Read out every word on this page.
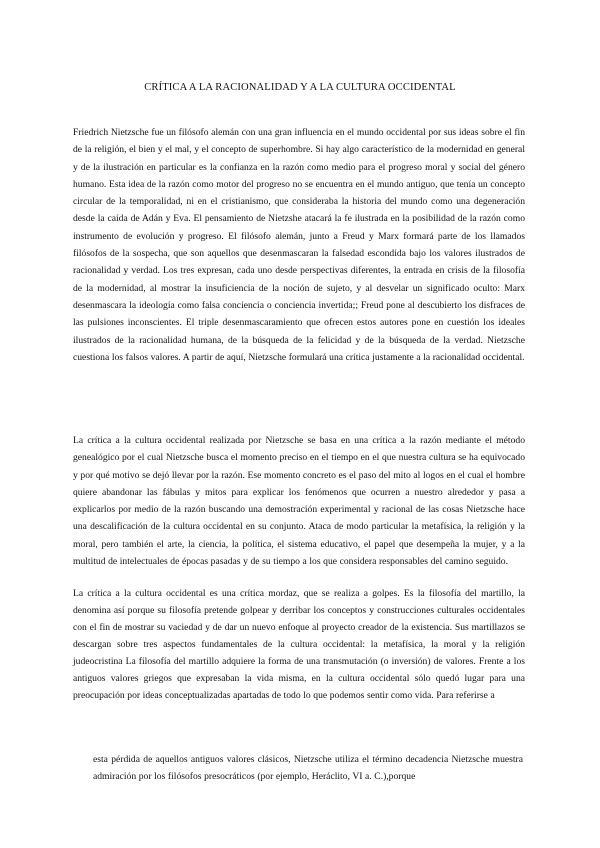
CRÍTICA A LA RACIONALIDAD Y A LA CULTURA OCCIDENTAL

Friedrich Nietzsche fue un filósofo alemán con una gran influencia en el mundo occidental por sus ideas sobre el fin de la religión, el bien y el mal, y el concepto de superhombre. Si hay algo característico de la modernidad en general y de la ilustración en particular es la confianza en la razón como medio para el progreso moral y social del género humano. Esta idea de la razón como motor del progreso no se encuentra en el mundo antiguo, que tenía un concepto circular de la temporalidad, ni en el cristianismo, que consideraba la historia del mundo como una degeneración desde la caída de Adán y Eva. El pensamiento de Nietzshe atacará la fe ilustrada en la posibilidad de la razón como instrumento de evolución y progreso. El filósofo alemán, junto a Freud y Marx formará parte de los llamados filósofos de la sospecha, que son aquellos que desenmascaran la falsedad escondida bajo los valores ilustrados de racionalidad y verdad. Los tres expresan, cada uno desde perspectivas diferentes, la entrada en crisis de la filosofía de la modernidad, al mostrar la insuficiencia de la noción de sujeto, y al desvelar un significado oculto: Marx desenmascara la ideología como falsa conciencia o conciencia invertida;; Freud pone al descubierto los disfraces de las pulsiones inconscientes. El triple desenmascaramiento que ofrecen estos autores pone en cuestión los ideales ilustrados de la racionalidad humana, de la búsqueda de la felicidad y de la búsqueda de la verdad. Nietzsche cuestiona los falsos valores. A partir de aquí, Nietzsche formulará una crítica justamente a la racionalidad occidental.

La crítica a la cultura occidental realizada por Nietzsche se basa en una crítica a la razón mediante el método genealógico por el cual Nietzsche busca el momento preciso en el tiempo en el que nuestra cultura se ha equivocado y por qué motivo se dejó llevar por la razón. Ese momento concreto es el paso del mito al logos en el cual el hombre quiere abandonar las fábulas y mitos para explicar los fenómenos que ocurren a nuestro alrededor y pasa a explicarlos por medio de la razón buscando una demostración experimental y racional de las cosas Nietzsche hace una descalificación de la cultura occidental en su conjunto. Ataca de modo particular la metafísica, la religión y la moral, pero también el arte, la ciencia, la política, el sistema educativo, el papel que desempeña la mujer, y a la multitud de intelectuales de épocas pasadas y de su tiempo a los que considera responsables del camino seguido.

La crítica a la cultura occidental es una crítica mordaz, que se realiza a golpes. Es la filosofía del martillo, la denomina así porque su filosofía pretende golpear y derribar los conceptos y construcciones culturales occidentales con el fin de mostrar su vaciedad y de dar un nuevo enfoque al proyecto creador de la existencia. Sus martillazos se descargan sobre tres aspectos fundamentales de la cultura occidental: la metafísica, la moral y la religión judeocristina La filosofía del martillo adquiere la forma de una transmutación (o inversión) de valores. Frente a los antiguos valores griegos que expresaban la vida misma, en la cultura occidental sólo quedó lugar para una preocupación por ideas conceptualizadas apartadas de todo lo que podemos sentir como vida. Para referirse a

esta pérdida de aquellos antiguos valores clásicos, Nietzsche utiliza el término decadencia Nietzsche muestra admiración por los filósofos presocráticos (por ejemplo, Heráclito, VI a. C.),porque
